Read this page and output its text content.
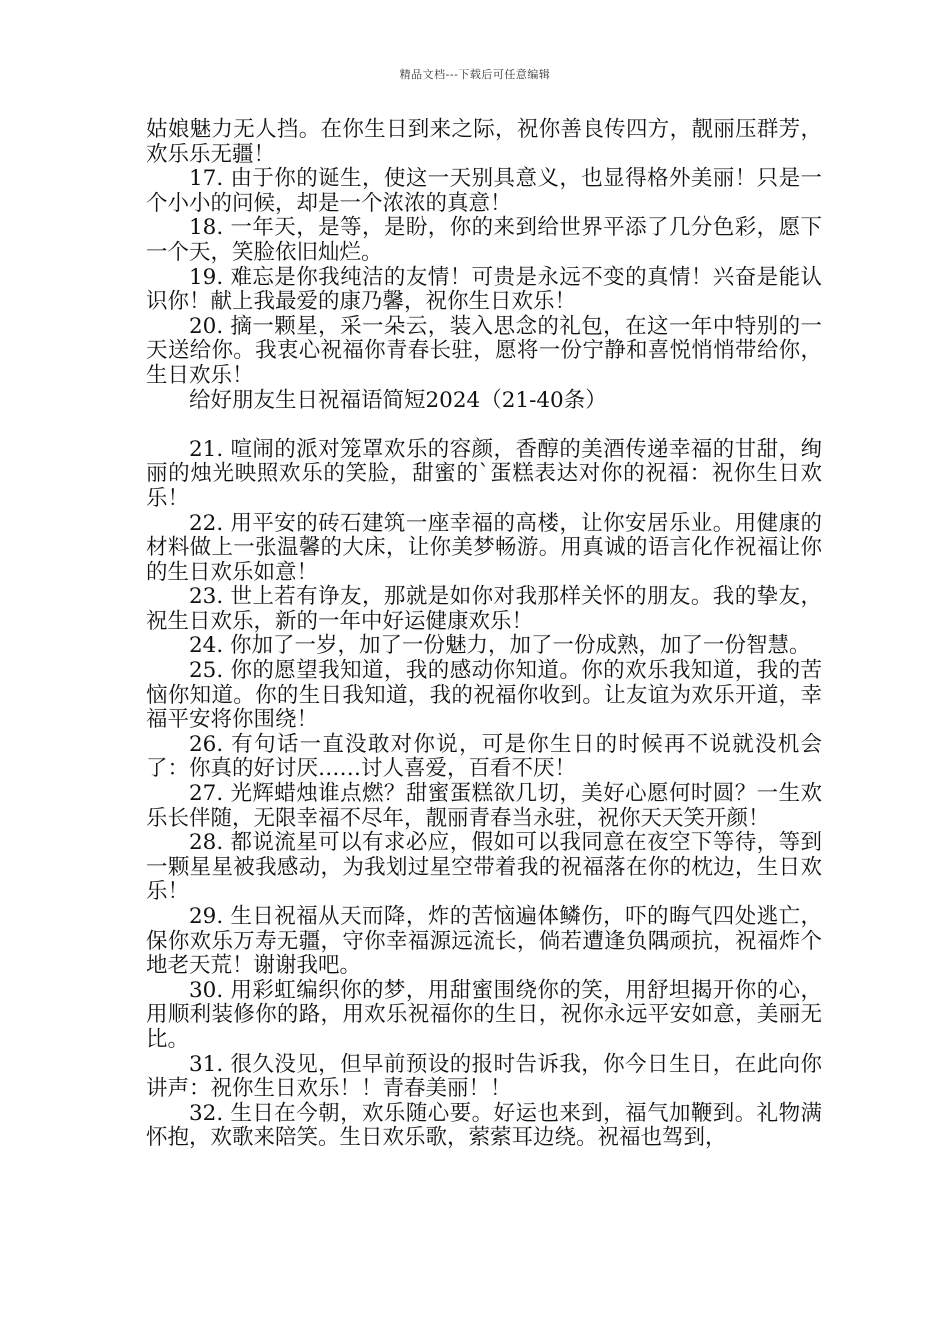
精品文档---下载后可任意编辑

姑娘魅力无人挡。在你生日到来之际，祝你善良传四方，靓丽压群芳，欢乐乐无疆！

17. 由于你的诞生，使这一天别具意义，也显得格外美丽！只是一个小小的问候，却是一个浓浓的真意！

18. 一年天，是等，是盼，你的来到给世界平添了几分色彩，愿下一个天，笑脸依旧灿烂。

19. 难忘是你我纯洁的友情！可贵是永远不变的真情！兴奋是能认识你！献上我最爱的康乃馨，祝你生日欢乐！

20. 摘一颗星，采一朵云，装入思念的礼包，在这一年中特别的一天送给你。我衷心祝福你青春长驻，愿将一份宁静和喜悦悄悄带给你，生日欢乐！

给好朋友生日祝福语简短2024（21-40条）

21. 喧闹的派对笼罩欢乐的容颜，香醇的美酒传递幸福的甘甜，绚丽的烛光映照欢乐的笑脸，甜蜜的`蛋糕表达对你的祝福：祝你生日欢乐！

22. 用平安的砖石建筑一座幸福的高楼，让你安居乐业。用健康的材料做上一张温馨的大床，让你美梦畅游。用真诚的语言化作祝福让你的生日欢乐如意！

23. 世上若有诤友，那就是如你对我那样关怀的朋友。我的挚友，祝生日欢乐，新的一年中好运健康欢乐！

24. 你加了一岁，加了一份魅力，加了一份成熟，加了一份智慧。

25. 你的愿望我知道，我的感动你知道。你的欢乐我知道，我的苦恼你知道。你的生日我知道，我的祝福你收到。让友谊为欢乐开道，幸福平安将你围绕！

26. 有句话一直没敢对你说，可是你生日的时候再不说就没机会了：你真的好讨厌……讨人喜爱，百看不厌！

27. 光辉蜡烛谁点燃？甜蜜蛋糕欲几切，美好心愿何时圆？一生欢乐长伴随，无限幸福不尽年，靓丽青春当永驻，祝你天天笑开颜！

28. 都说流星可以有求必应，假如可以我同意在夜空下等待，等到一颗星星被我感动，为我划过星空带着我的祝福落在你的枕边，生日欢乐！

29. 生日祝福从天而降，炸的苦恼遍体鳞伤，吓的晦气四处逃亡，保你欢乐万寿无疆，守你幸福源远流长，倘若遭逢负隅顽抗，祝福炸个地老天荒！谢谢我吧。

30. 用彩虹编织你的梦，用甜蜜围绕你的笑，用舒坦揭开你的心，用顺利装修你的路，用欢乐祝福你的生日，祝你永远平安如意，美丽无比。

31. 很久没见，但早前预设的报时告诉我，你今日生日，在此向你讲声：祝你生日欢乐！！青春美丽！！

32. 生日在今朝，欢乐随心要。好运也来到，福气加鞭到。礼物满怀抱，欢歌来陪笑。生日欢乐歌，萦萦耳边绕。祝福也驾到，
